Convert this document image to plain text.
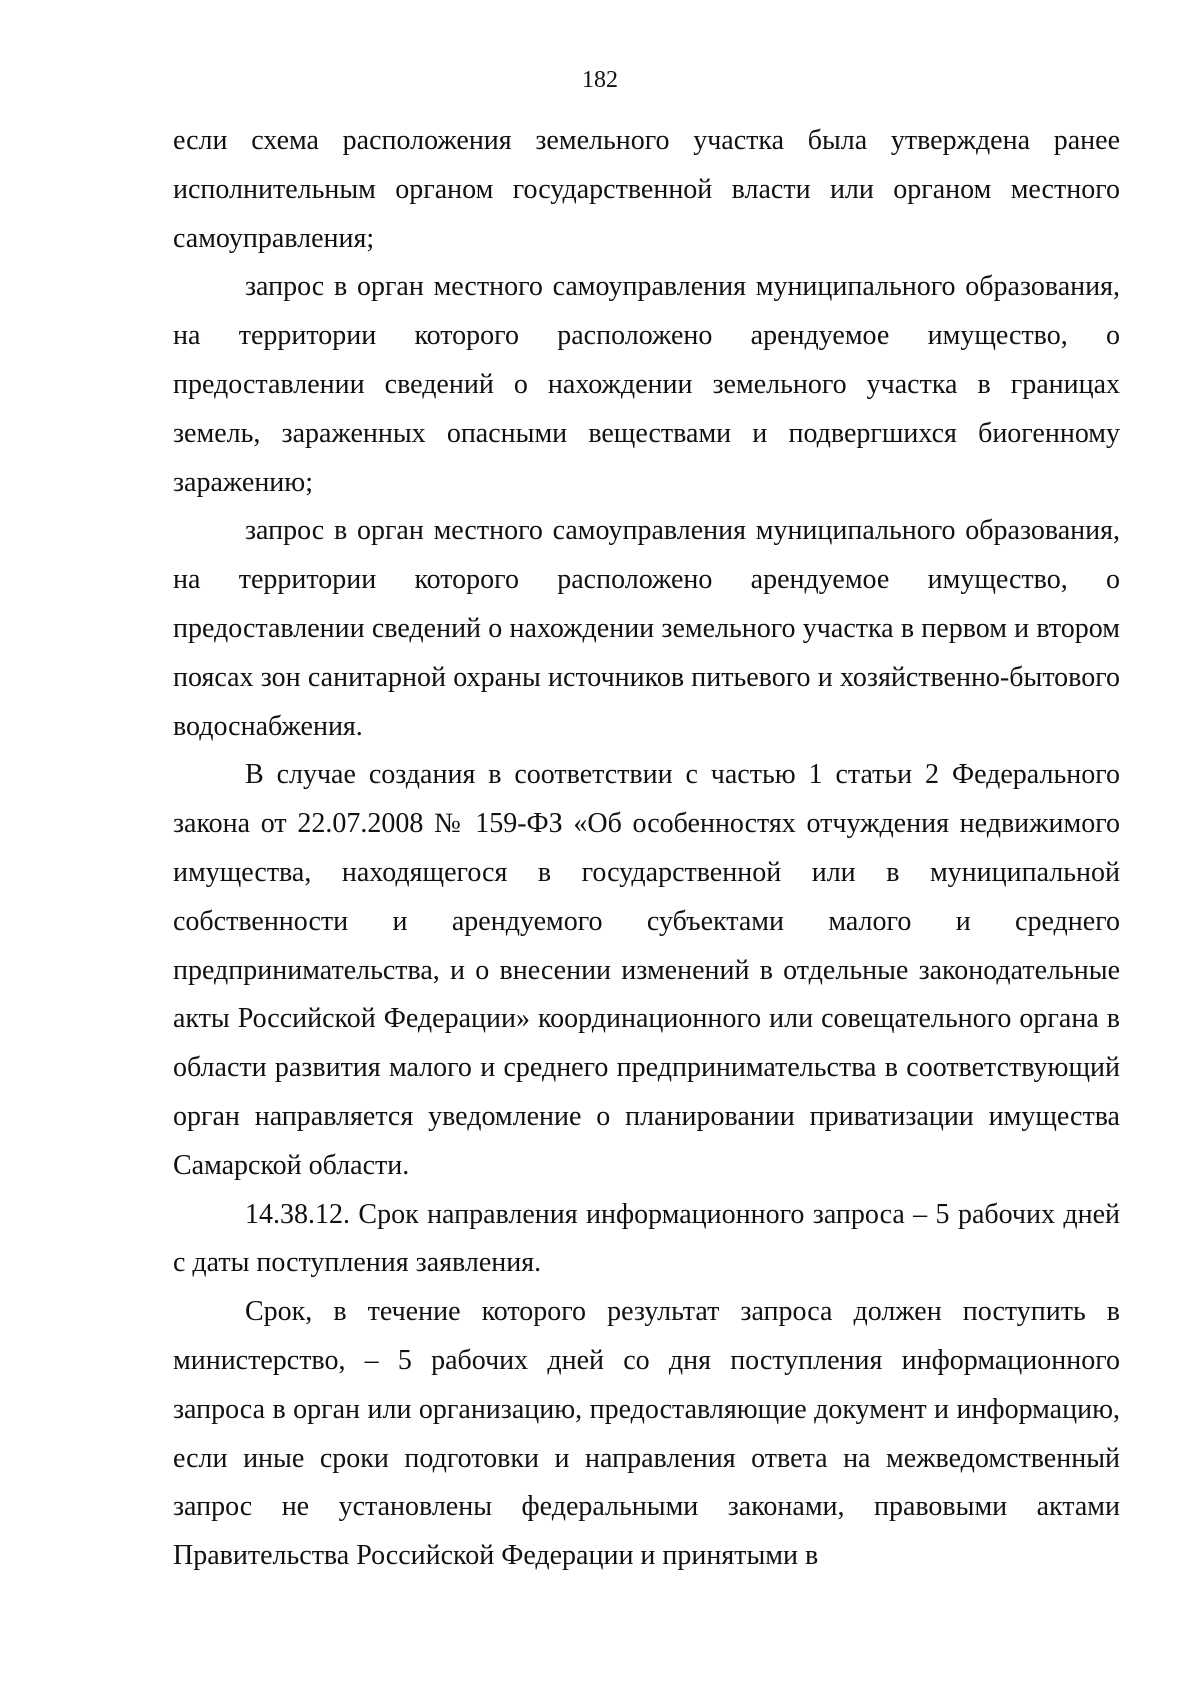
182

если схема расположения земельного участка была утверждена ранее исполнительным органом государственной власти или органом местного самоуправления;

запрос в орган местного самоуправления муниципального образования, на территории которого расположено арендуемое имущество, о предоставлении сведений о нахождении земельного участка в границах земель, зараженных опасными веществами и подвергшихся биогенному заражению;

запрос в орган местного самоуправления муниципального образования, на территории которого расположено арендуемое имущество, о предоставлении сведений о нахождении земельного участка в первом и втором поясах зон санитарной охраны источников питьевого и хозяйственно-бытового водоснабжения.

В случае создания в соответствии с частью 1 статьи 2 Федерального закона от 22.07.2008 № 159-ФЗ «Об особенностях отчуждения недвижимого имущества, находящегося в государственной или в муниципальной собственности и арендуемого субъектами малого и среднего предпринимательства, и о внесении изменений в отдельные законодательные акты Российской Федерации» координационного или совещательного органа в области развития малого и среднего предпринимательства в соответствующий орган направляется уведомление о планировании приватизации имущества Самарской области.

14.38.12. Срок направления информационного запроса – 5 рабочих дней с даты поступления заявления.

Срок, в течение которого результат запроса должен поступить в министерство, – 5 рабочих дней со дня поступления информационного запроса в орган или организацию, предоставляющие документ и информацию, если иные сроки подготовки и направления ответа на межведомственный запрос не установлены федеральными законами, правовыми актами Правительства Российской Федерации и принятыми в
